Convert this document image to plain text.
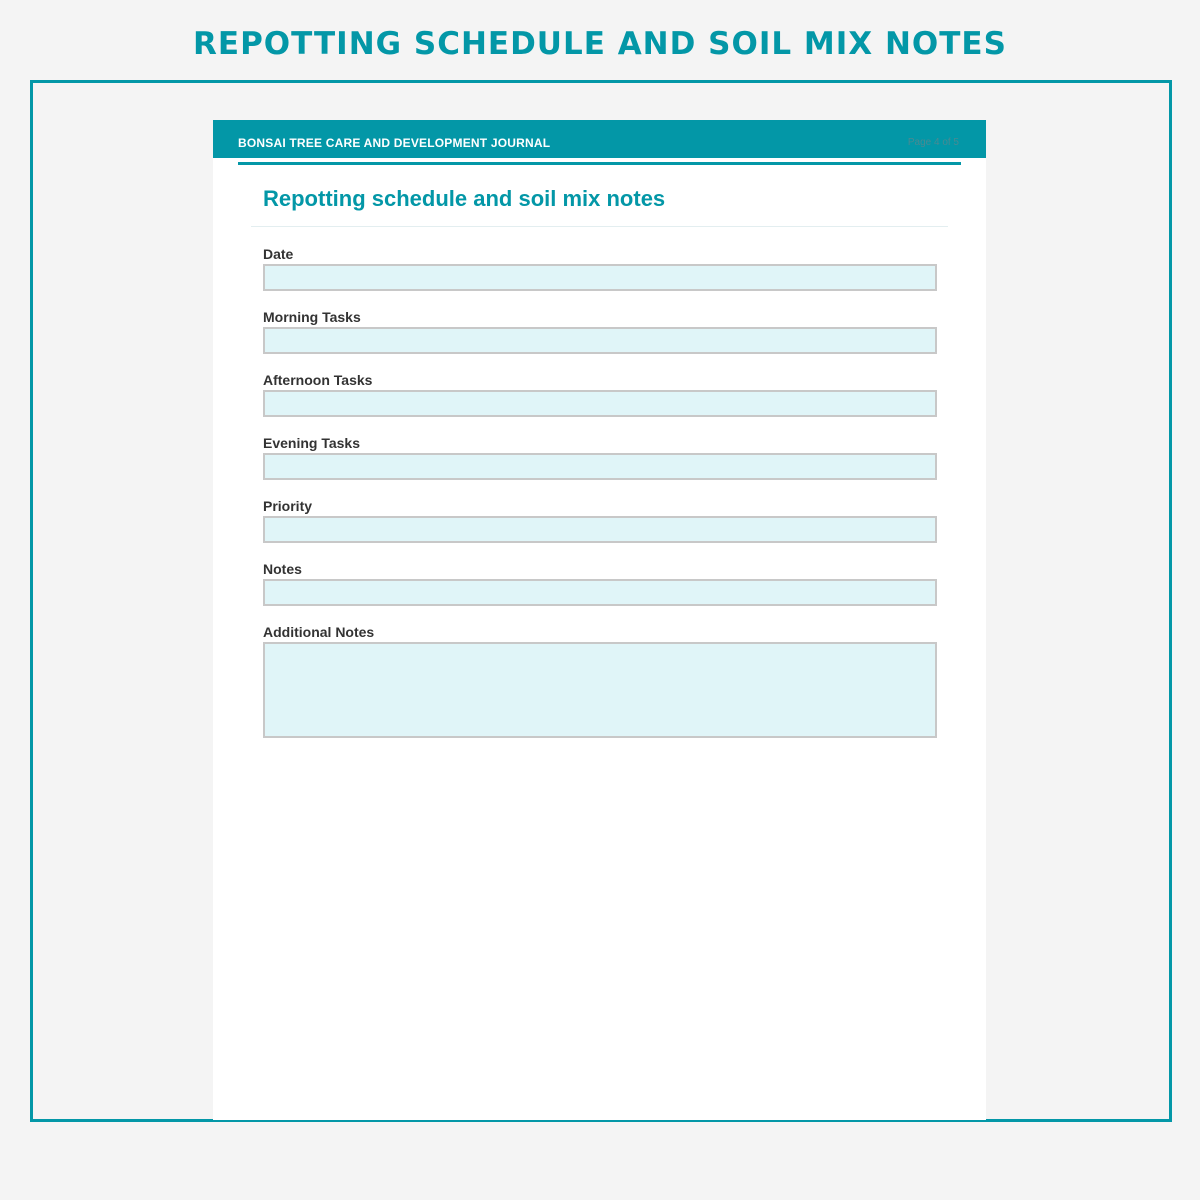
REPOTTING SCHEDULE AND SOIL MIX NOTES
BONSAI TREE CARE AND DEVELOPMENT JOURNAL	Page 4 of 5
Repotting schedule and soil mix notes
Date
Morning Tasks
Afternoon Tasks
Evening Tasks
Priority
Notes
Additional Notes
